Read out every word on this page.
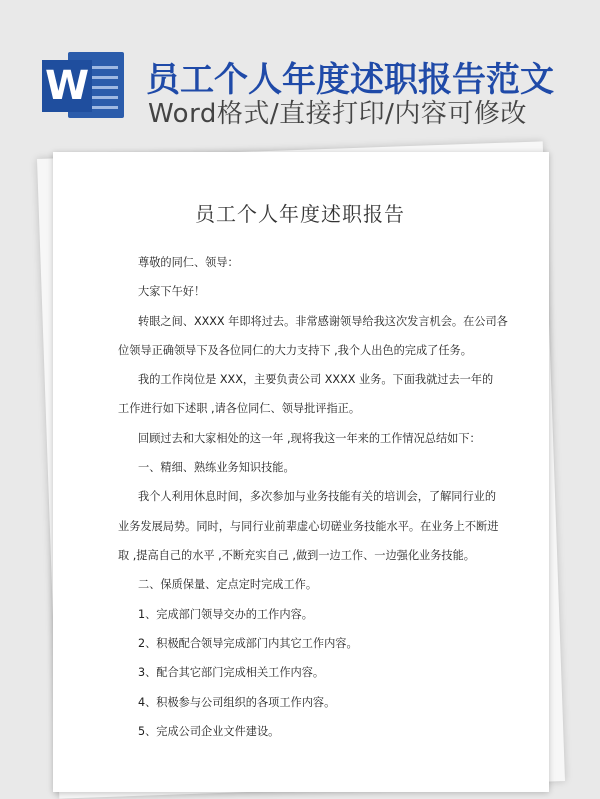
W 员工个人年度述职报告范文
Word格式/直接打印/内容可修改
员工个人年度述职报告
尊敬的同仁、领导：
大家下午好！
转眼之间、XXXX 年即将过去。非常感谢领导给我这次发言机会。在公司各
位领导正确领导下及各位同仁的大力支持下 ,我个人出色的完成了任务。
我的工作岗位是 XXX，主要负责公司 XXXX 业务。下面我就过去一年的
工作进行如下述职 ,请各位同仁、领导批评指正。
回顾过去和大家相处的这一年 ,现将我这一年来的工作情况总结如下：
一、精细、熟练业务知识技能。
我个人利用休息时间，多次参加与业务技能有关的培训会，了解同行业的
业务发展局势。同时，与同行业前辈虚心切磋业务技能水平。在业务上不断进
取 ,提高自己的水平 ,不断充实自己 ,做到一边工作、一边强化业务技能。
二、保质保量、定点定时完成工作。
1、完成部门领导交办的工作内容。
2、积极配合领导完成部门内其它工作内容。
3、配合其它部门完成相关工作内容。
4、积极参与公司组织的各项工作内容。
5、完成公司企业文件建设。
